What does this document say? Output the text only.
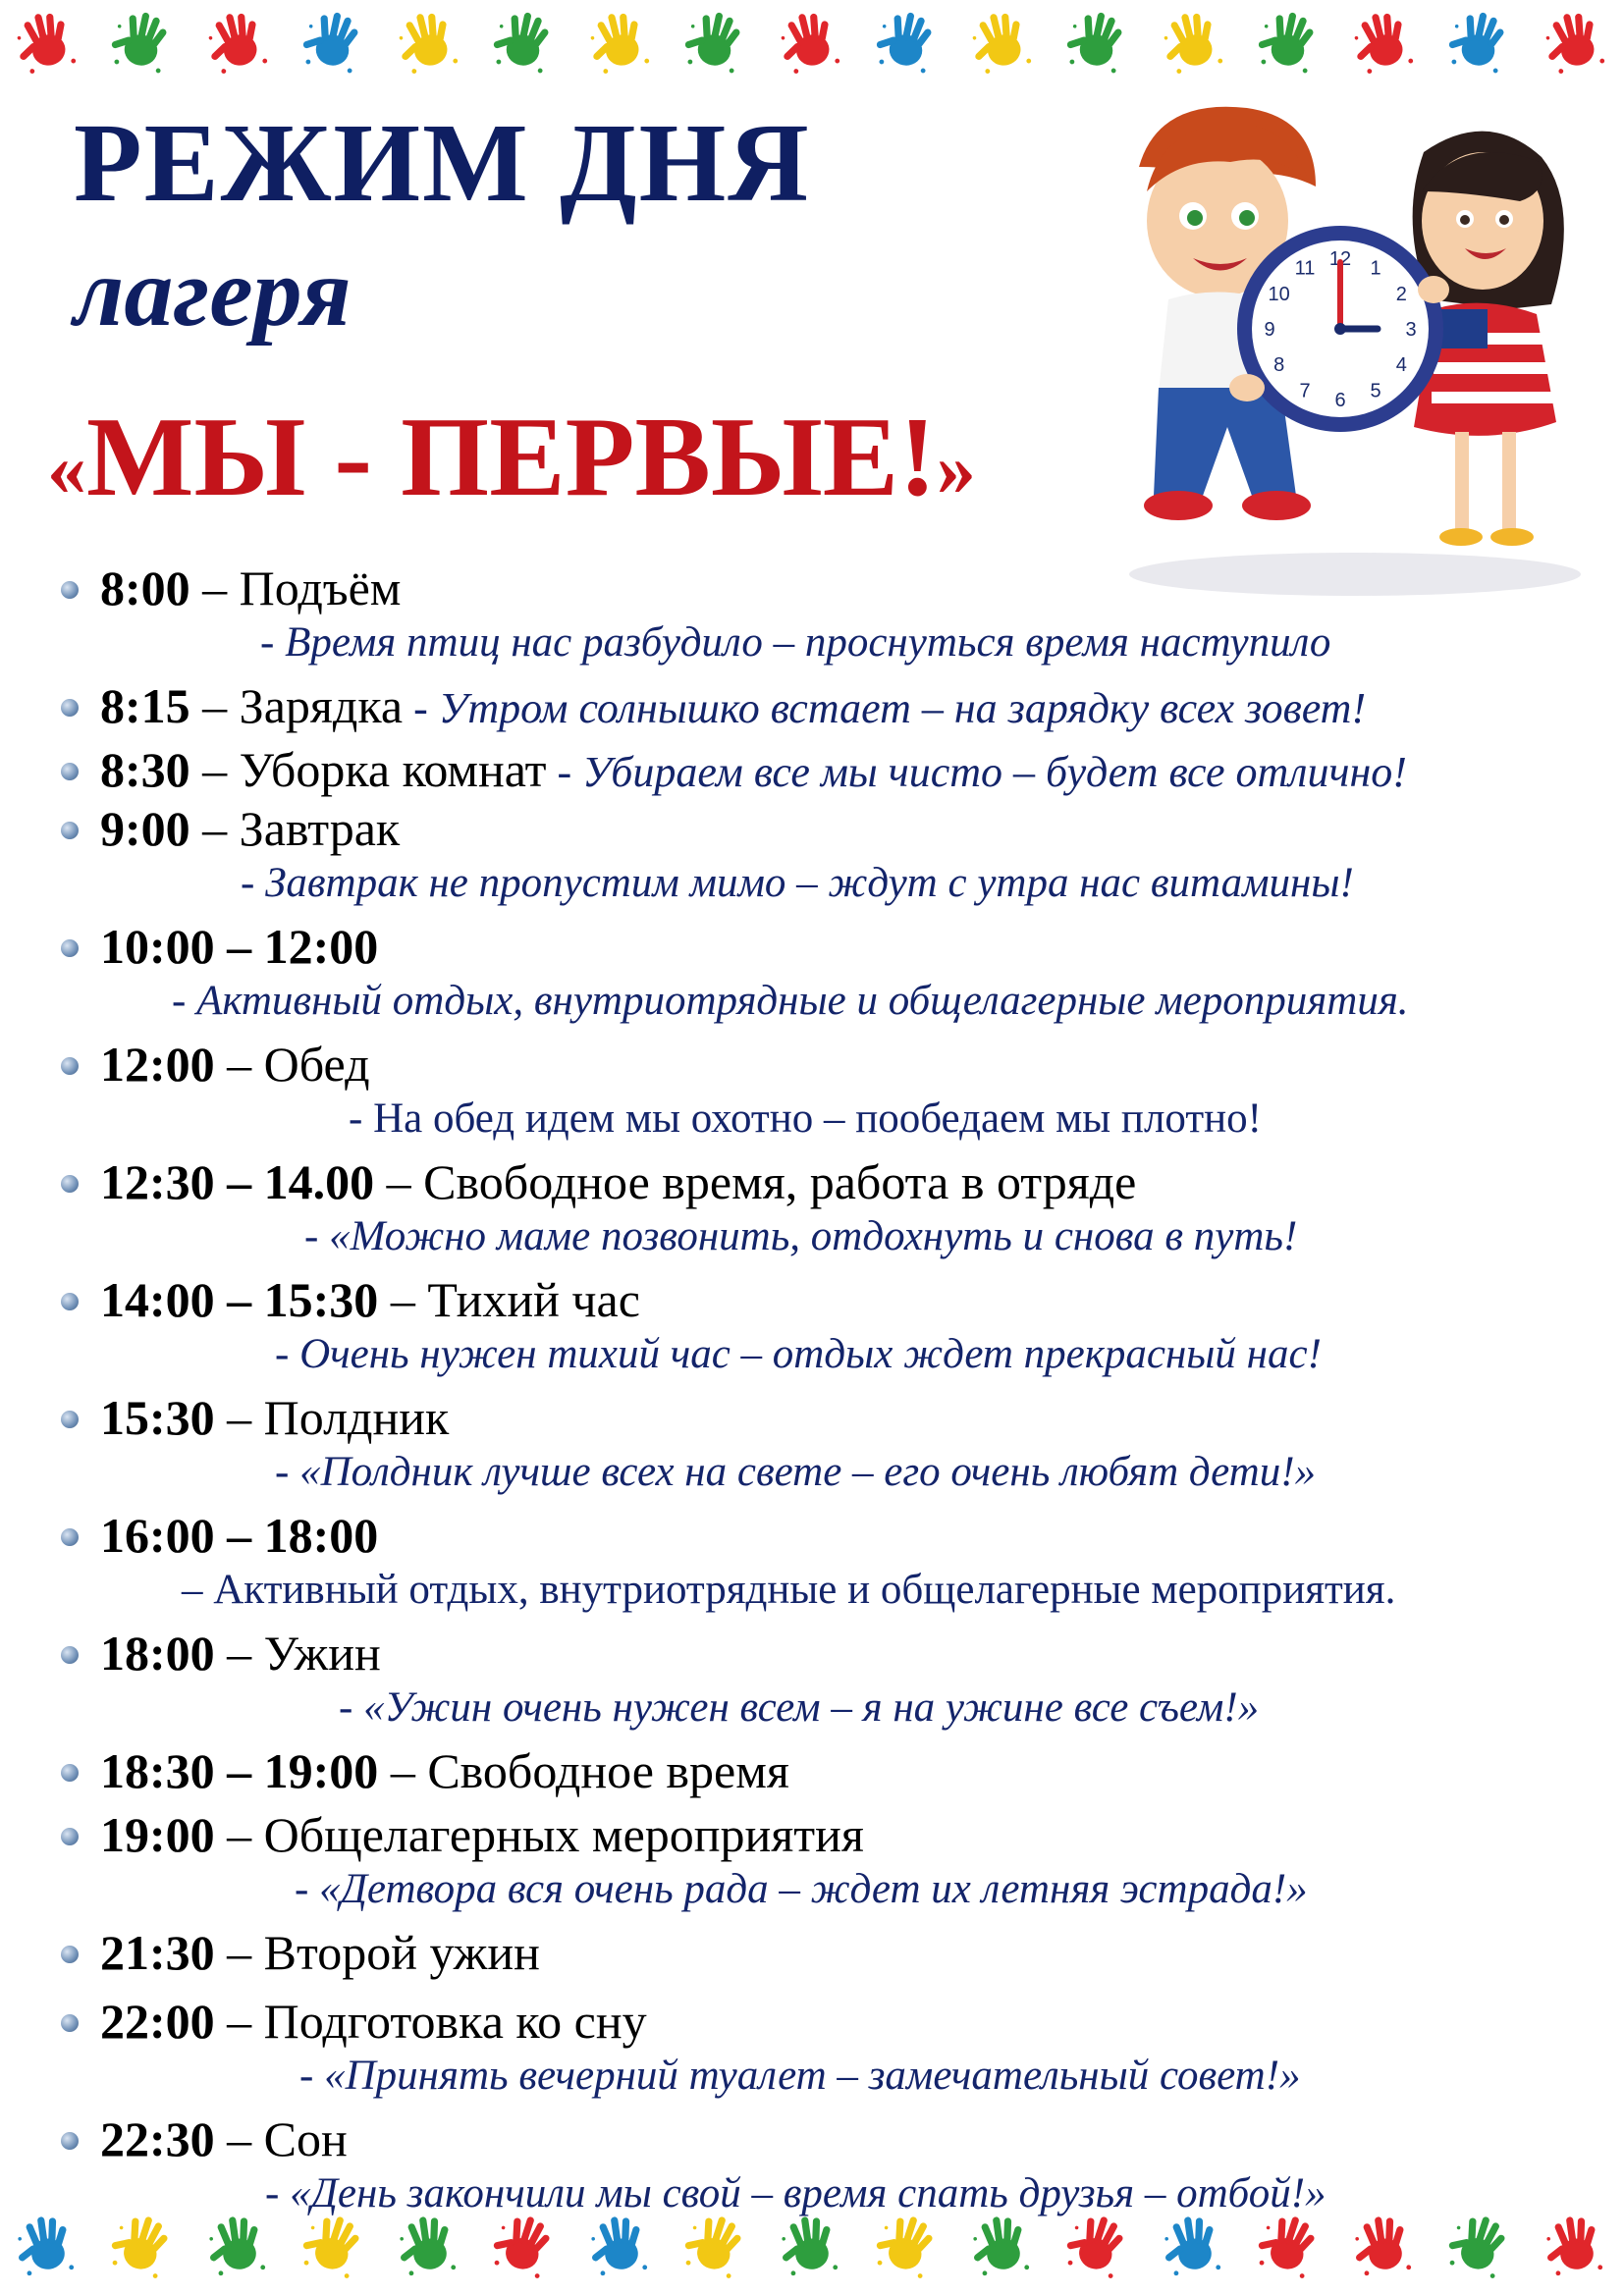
РЕЖИМ ДНЯ
лагеря
«МЫ - ПЕРВЫЕ!»
12 1
2
3
4
5
6
7
8
9
10
11
8:00 – Подъём
- Время птиц нас разбудило – проснуться время наступило
8:15 – Зарядка - Утром солнышко встает – на зарядку всех зовет!
8:30 – Уборка комнат - Убираем все мы чисто – будет все отлично!
9:00 – Завтрак
- Завтрак не пропустим мимо – ждут с утра нас витамины!
10:00 – 12:00
- Активный отдых, внутриотрядные и общелагерные мероприятия.
12:00 – Обед
- На обед идем мы охотно – пообедаем мы плотно!
12:30 – 14.00 – Свободное время, работа в отряде
- «Можно маме позвонить, отдохнуть и снова в путь!
14:00 – 15:30 – Тихий час
- Очень нужен тихий час – отдых ждет прекрасный нас!
15:30 – Полдник
- «Полдник лучше всех на свете – его очень любят дети!»
16:00 – 18:00
– Активный отдых, внутриотрядные и общелагерные мероприятия.
18:00 – Ужин
- «Ужин очень нужен всем – я на ужине все съем!»
18:30 – 19:00 – Свободное время
19:00 – Общелагерных мероприятия
- «Детвора вся очень рада – ждет их летняя эстрада!»
21:30 – Второй ужин
22:00 – Подготовка ко сну
- «Принять вечерний туалет – замечательный совет!»
22:30 – Сон
- «День закончили мы свой – время спать друзья – отбой!»
